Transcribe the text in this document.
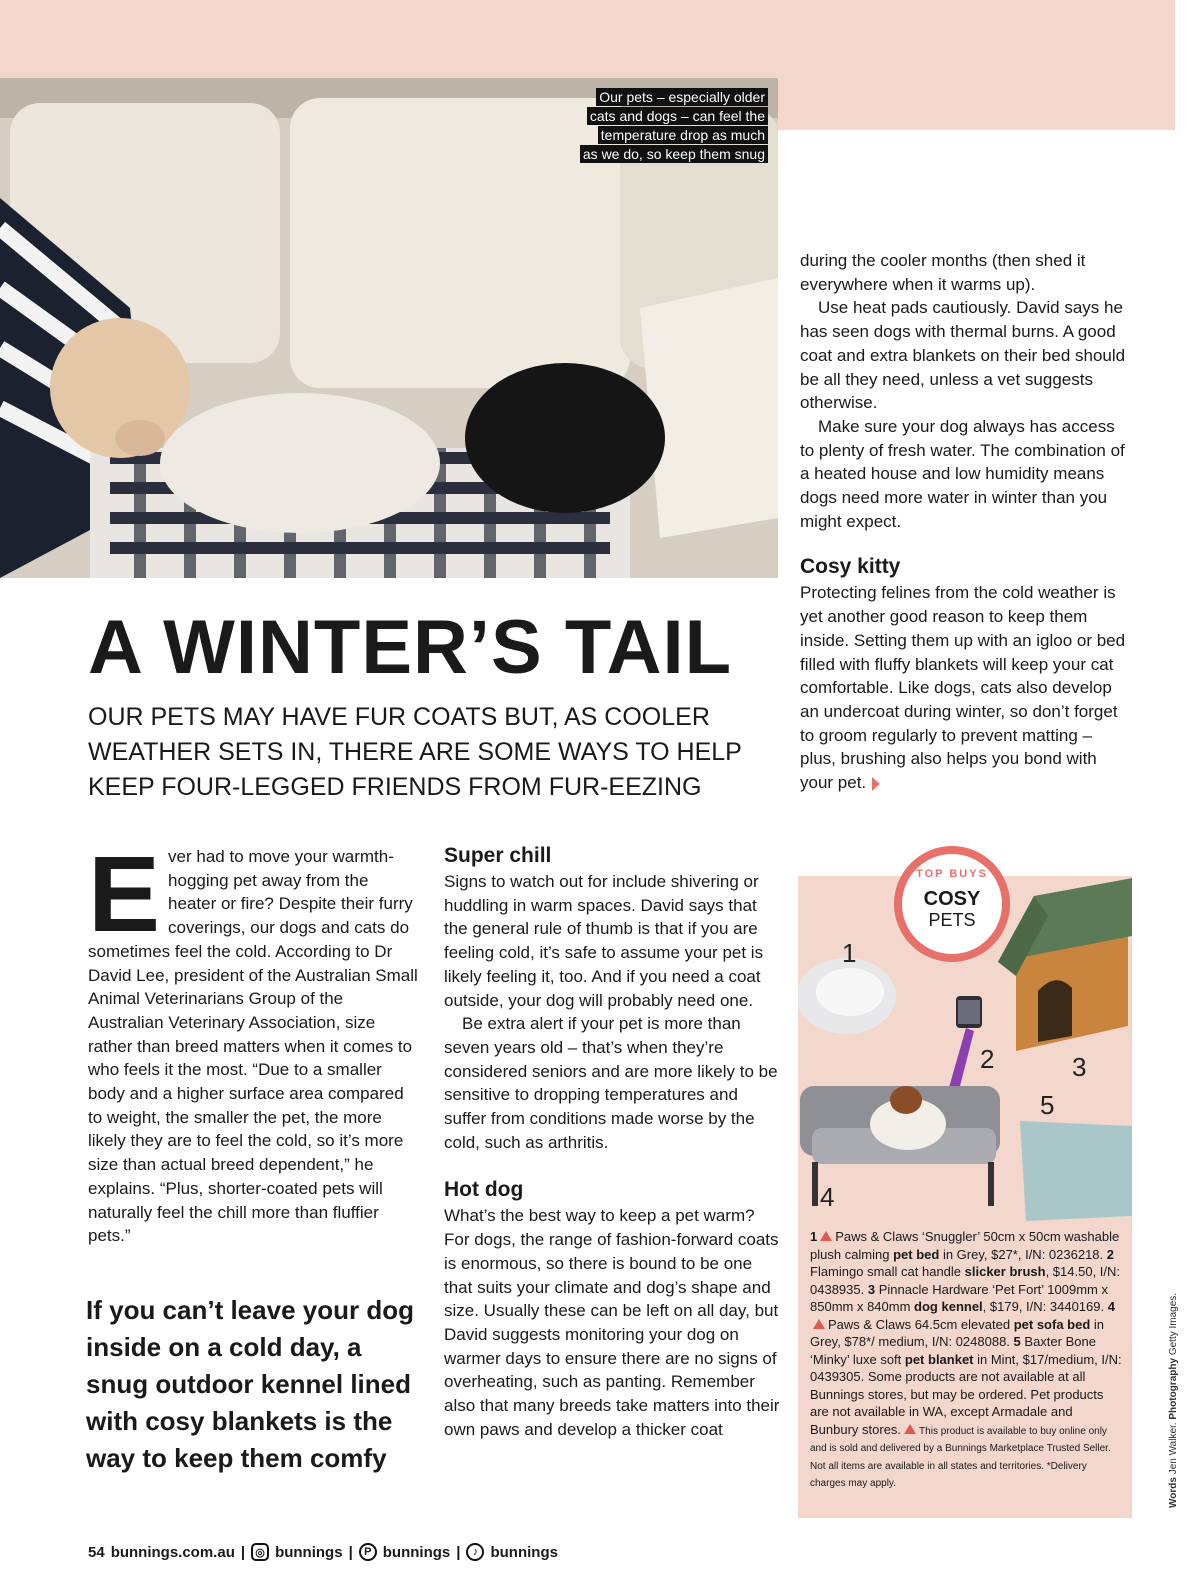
Our pets – especially older
cats and dogs – can feel the
temperature drop as much
as we do, so keep them snug
A WINTER’S TAIL

OUR PETS MAY HAVE FUR COATS BUT, AS COOLER WEATHER SETS IN, THERE ARE SOME WAYS TO HELP KEEP FOUR-LEGGED FRIENDS FROM FUR-EEZING

E ver had to move your warmth-hogging pet away from the heater or fire? Despite their furry coverings, our dogs and cats do sometimes feel the cold. According to Dr David Lee, president of the Australian Small Animal Veterinarians Group of the Australian Veterinary Association, size rather than breed matters when it comes to who feels it the most. “Due to a smaller body and a higher surface area compared to weight, the smaller the pet, the more likely they are to feel the cold, so it’s more size than actual breed dependent,” he explains. “Plus, shorter-coated pets will naturally feel the chill more than fluffier pets.”

If you can’t leave your dog inside on a cold day, a snug outdoor kennel lined with cosy blankets is the way to keep them comfy

Super chill

Signs to watch out for include shivering or huddling in warm spaces. David says that the general rule of thumb is that if you are feeling cold, it’s safe to assume your pet is likely feeling it, too. And if you need a coat outside, your dog will probably need one.

Be extra alert if your pet is more than seven years old – that’s when they’re considered seniors and are more likely to be sensitive to dropping temperatures and suffer from conditions made worse by the cold, such as arthritis.

Hot dog

What’s the best way to keep a pet warm? For dogs, the range of fashion-forward coats is enormous, so there is bound to be one that suits your climate and dog’s shape and size. Usually these can be left on all day, but David suggests monitoring your dog on warmer days to ensure there are no signs of overheating, such as panting. Remember also that many breeds take matters into their own paws and develop a thicker coat

during the cooler months (then shed it everywhere when it warms up).

Use heat pads cautiously. David says he has seen dogs with thermal burns. A good coat and extra blankets on their bed should be all they need, unless a vet suggests otherwise.

Make sure your dog always has access to plenty of fresh water. The combination of a heated house and low humidity means dogs need more water in winter than you might expect.

Cosy kitty

Protecting felines from the cold weather is yet another good reason to keep them inside. Setting them up with an igloo or bed filled with fluffy blankets will keep your cat comfortable. Like dogs, cats also develop an undercoat during winter, so don’t forget to groom regularly to prevent matting – plus, brushing also helps you bond with your pet.

TOP BUYS
COSY
PETS
1
2	3
4
5

1 Paws & Claws ‘Snuggler’ 50cm x 50cm washable plush calming pet bed in Grey, $27*, I/N: 0236218. 2 Flamingo small cat handle slicker brush, $14.50, I/N: 0438935. 3 Pinnacle Hardware ‘Pet Fort’ 1009mm x 850mm x 840mm dog kennel, $179, I/N: 3440169. 4Paws & Claws 64.5cm elevated pet sofa bed in Grey, $78*/ medium, I/N: 0248088. 5 Baxter Bone ‘Minky’ luxe soft pet blanket in Mint, $17/medium, I/N: 0439305. Some products are not available at all Bunnings stores, but may be ordered. Pet products are not available in WA, except Armadale and Bunbury stores. This product is available to buy online only and is sold and delivered by a Bunnings Marketplace Trusted Seller. Not all items are available in all states and territories. *Delivery charges may apply.	Words Jen Walker. Photography Getty Images.
54 bunnings.com.au | ◎ bunnings |	P bunnings |	♪ bunnings
